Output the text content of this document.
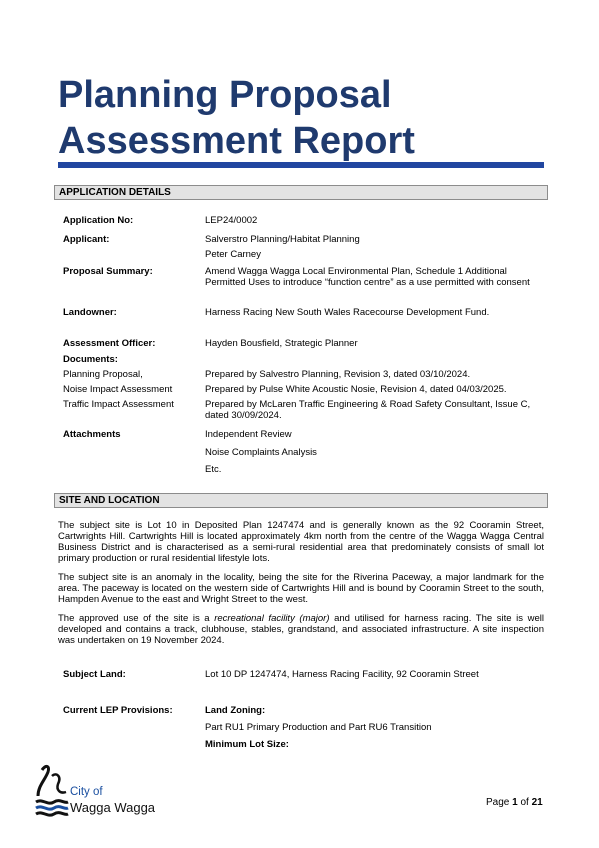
Planning Proposal
Assessment Report
APPLICATION DETAILS
Application No:	LEP24/0002
Applicant:	Salverstro Planning/Habitat Planning
Peter Carney
Proposal Summary:	Amend Wagga Wagga Local Environmental Plan, Schedule 1 Additional Permitted Uses to introduce “function centre” as a use permitted with consent
Landowner:	Harness Racing New South Wales Racecourse Development Fund.
Assessment Officer:	Hayden Bousfield, Strategic Planner
Documents:
Planning Proposal,	Prepared by Salvestro Planning, Revision 3, dated 03/10/2024.
Noise Impact Assessment	Prepared by Pulse White Acoustic Nosie, Revision 4, dated 04/03/2025.
Traffic Impact Assessment	Prepared by McLaren Traffic Engineering & Road Safety Consultant, Issue C, dated 30/09/2024.
Attachments	Independent Review
Noise Complaints Analysis
Etc.
SITE AND LOCATION
The subject site is Lot 10 in Deposited Plan 1247474 and is generally known as the 92 Cooramin Street, Cartwrights Hill. Cartwrights Hill is located approximately 4km north from the centre of the Wagga Wagga Central Business District and is characterised as a semi-rural residential area that predominately consists of small lot primary production or rural residential lifestyle lots.
The subject site is an anomaly in the locality, being the site for the Riverina Paceway, a major landmark for the area. The paceway is located on the western side of Cartwrights Hill and is bound by Cooramin Street to the south, Hampden Avenue to the east and Wright Street to the west.
The approved use of the site is a recreational facility (major) and utilised for harness racing. The site is well developed and contains a track, clubhouse, stables, grandstand, and associated infrastructure. A site inspection was undertaken on 19 November 2024.
Subject Land:	Lot 10 DP 1247474, Harness Racing Facility, 92 Cooramin Street
Current LEP Provisions:	Land Zoning:
Part RU1 Primary Production and Part RU6 Transition
Minimum Lot Size:
City of
Wagga Wagga	Page 1 of 21
